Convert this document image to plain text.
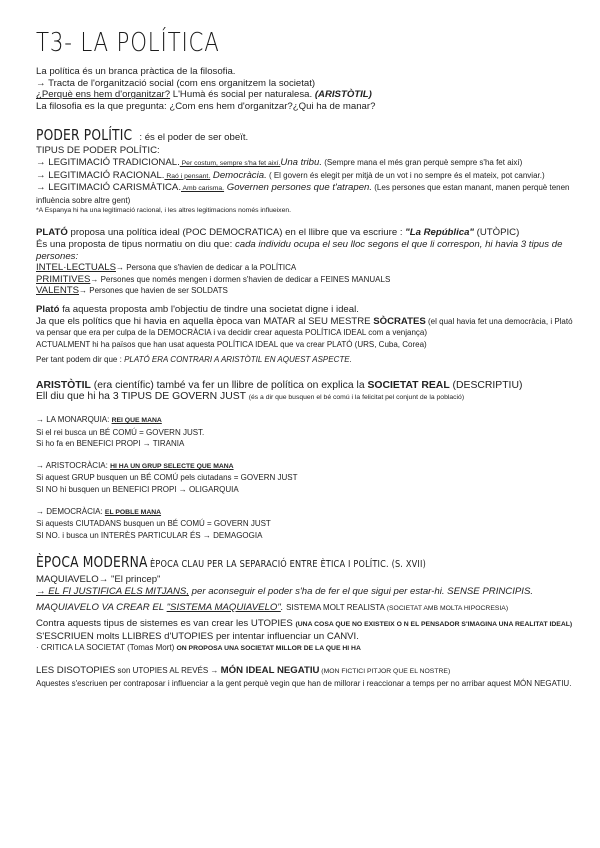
T3- LA POLÍTICA
La política és un branca pràctica de la filosofia.
→ Tracta de l'organització social (com ens organitzem la societat)
¿Perquè ens hem d'organitzar? L'Humà és social per naturalesa. (ARISTÒTIL)
La filosofia es la que pregunta: ¿Com ens hem d'organitzar?¿Qui ha de manar?
PODER POLÍTIC : és el poder de ser obeït.
TIPUS DE PODER POLÍTIC:
→ LEGITIMACIÓ TRADICIONAL. Per costum, sempre s'ha fet així.Una tribu. (Sempre mana el més gran perquè sempre s'ha fet així)
→ LEGITIMACIÓ RACIONAL. Raó i pensant. Democràcia. ( El govern és elegit per mitjà de un vot i no sempre és el mateix, pot canviar.)
→ LEGITIMACIÓ CARISMÀTICA. Amb carisma. Governen persones que t'atrapen. (Les persones que estan manant, manen perquè tenen influència sobre altre gent)
*A Espanya hi ha una legitimació racional, i les altres legitimacions només influeixen.
PLATÓ proposa una política ideal (POC DEMOCRATICA) en el llibre que va escriure : "La República" (UTÒPIC)
És una proposta de tipus normatiu on diu que: cada individu ocupa el seu lloc segons el que li correspon, hi havia 3 tipus de persones:
INTEL·LECTUALS→ Persona que s'havien de dedicar a la POLÍTICA
PRIMITIVES→ Persones que només mengen i dormen s'havien de dedicar a FEINES MANUALS
VALENTS→ Persones que havien de ser SOLDATS
Plató fa aquesta proposta amb l'objectiu de tindre una societat digne i ideal.
Ja que els polítics que hi havia en aquella època van MATAR al SEU MESTRE SÒCRATES (el qual havia fet una democràcia, i Plató va pensar que era per culpa de la DEMOCRÀCIA i va decidir crear aquesta POLÍTICA IDEAL com a venjança)
ACTUALMENT hi ha països que han usat aquesta POLÍTICA IDEAL que va crear PLATÓ (URS, Cuba, Corea)
Per tant podem dir que : PLATÓ ERA CONTRARI A ARISTÒTIL EN AQUEST ASPECTE.
ARISTÒTIL (era científic) també va fer un llibre de política on explica la SOCIETAT REAL (DESCRIPTIU)
Ell diu que hi ha 3 TIPUS DE GOVERN JUST (és a dir que busquen el bé comú i la felicitat pel conjunt de la població)
→ LA MONARQUIA: REI QUE MANA
Si el rei busca un BÉ COMÚ = GOVERN JUST.
Si ho fa en BENEFICI PROPI → TIRANIA
→ ARISTOCRÀCIA: HI HA UN GRUP SELECTE QUE MANA
Si aquest GRUP busquen un BÉ COMÚ pels ciutadans = GOVERN JUST
SI NO hi busquen un BENEFICI PROPI → OLIGARQUIA
→ DEMOCRÀCIA: EL POBLE MANA
Si aquests CIUTADANS busquen un BÉ COMÚ = GOVERN JUST
SI NO. i busca un INTERÈS PARTICULAR ÉS → DEMAGOGIA
ÈPOCA MODERNAÈPOCA CLAU PER LA SEPARACIÓ ENTRE ÈTICA I POLÍTIC. (S. XVII)
MAQUIAVELO→ "El princep"
→ EL FI JUSTIFICA ELS MITJANS, per aconseguir el poder s'ha de fer el que sigui per estar-hi. SENSE PRINCIPIS.
MAQUIAVELO VA CREAR EL "SISTEMA MAQUIAVELO". SISTEMA MOLT REALISTA (SOCIETAT AMB MOLTA HIPOCRESIA)
Contra aquests tipus de sistemes es van crear les UTOPIES (UNA COSA QUE NO EXISTEIX O N EL PENSADOR S'IMAGINA UNA REALITAT IDEAL)
S'ESCRIUEN molts LLIBRES d'UTOPIES per intentar influenciar un CANVI.
· CRITICA LA SOCIETAT (Tomas Mort) ON PROPOSA UNA SOCIETAT MILLOR DE LA QUE HI HA
LES DISOTOPIES son UTOPIES AL REVÉS → MÓN IDEAL NEGATIU (MON FICTICI PITJOR QUE EL NOSTRE)
Aquestes s'escriuen per contraposar i influenciar a la gent perquè vegin que han de millorar i reaccionar a temps per no arribar aquest MÓN NEGATIU.
